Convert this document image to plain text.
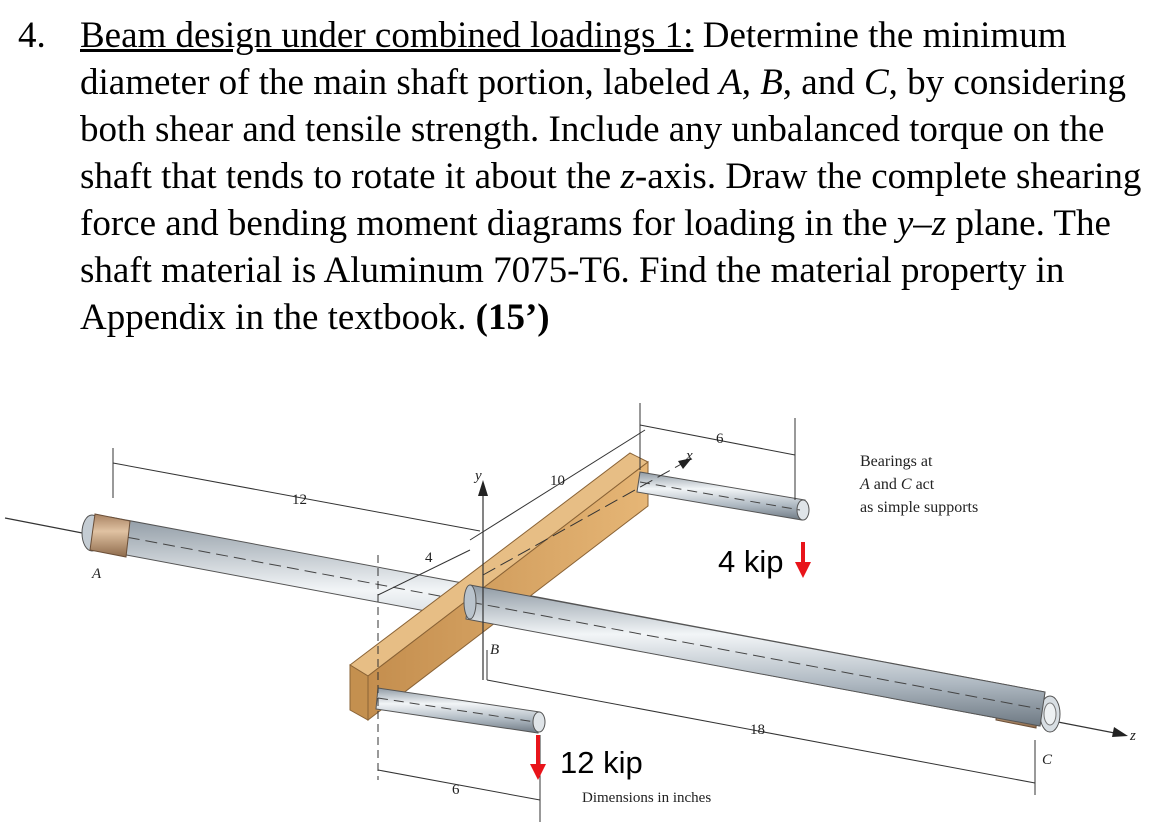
4. Beam design under combined loadings 1: Determine the minimum diameter of the main shaft portion, labeled A, B, and C, by considering both shear and tensile strength. Include any unbalanced torque on the shaft that tends to rotate it about the z-axis. Draw the complete shearing force and bending moment diagrams for loading in the y–z plane. The shaft material is Aluminum 7075-T6. Find the material property in Appendix in the textbook. (15’)
A
B
C
x
y
z
12
10
6
4
18
6
4 kip
12 kip
Dimensions in inches
Bearings at
A and C act
as simple supports
